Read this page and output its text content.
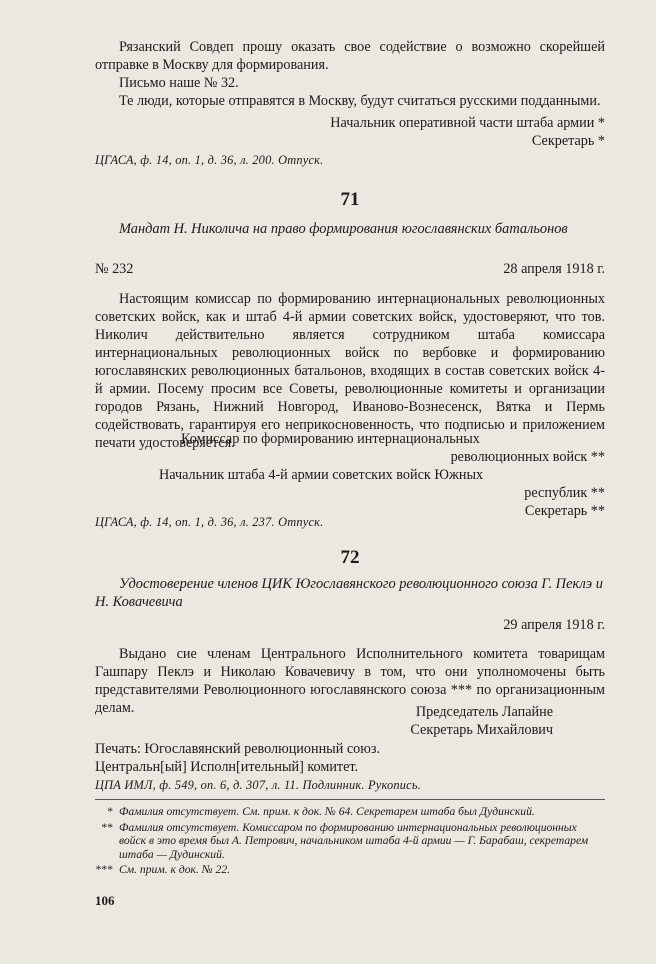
Рязанский Совдеп прошу оказать свое содействие о возможно скорейшей отправке в Москву для формирования.

Письмо наше № 32.

Те люди, которые отправятся в Москву, будут считаться русскими подданными.

Начальник оперативной части штаба армии *
Секретарь *
ЦГАСА, ф. 14, оп. 1, д. 36, л. 200. Отпуск.
71
Мандат Н. Николича на право формирования югославянских батальонов
№ 232	28 апреля 1918 г.

Настоящим комиссар по формированию интернациональных революционных советских войск, как и штаб 4-й армии советских войск, удостоверяют, что тов. Николич действительно является сотрудником штаба комиссара интернациональных революционных войск по вербовке и формированию югославянских революционных батальонов, входящих в состав советских войск 4-й армии. Посему просим все Советы, революционные комитеты и организации городов Рязань, Нижний Новгород, Иваново-Вознесенск, Вятка и Пермь содействовать, гарантируя его неприкосновенность, что подписью и приложением печати удостоверяется.

Комиссар по формированию интернациональных
революционных войск **
Начальник штаба 4-й армии советских войск Южных
республик **
Секретарь **
ЦГАСА, ф. 14, оп. 1, д. 36, л. 237. Отпуск.
72
Удостоверение членов ЦИК Югославянского революционного союза Г. Пеклэ и Н. Ковачевича
29 апреля 1918 г.

Выдано сие членам Центрального Исполнительного комитета товарищам Гашпару Пеклэ и Николаю Ковачевичу в том, что они уполномочены быть представителями Революционного югославянского союза *** по организационным делам.	Председатель Лапайне
Секретарь Михайлович
Печать: Югославянский революционный союз.
Центральн[ый] Исполн[ительный] комитет.
ЦПА ИМЛ, ф. 549, оп. 6, д. 307, л. 11. Подлинник. Рукопись.
* Фамилия отсутствует. См. прим. к док. № 64. Секретарем штаба был Дудинский.
** Фамилия отсутствует. Комиссаром по формированию интернациональных революционных войск в это время был А. Петрович, начальником штаба 4-й армии — Г. Барабаш, секретарем штаба — Дудинский.
*** См. прим. к док. № 22.
106
